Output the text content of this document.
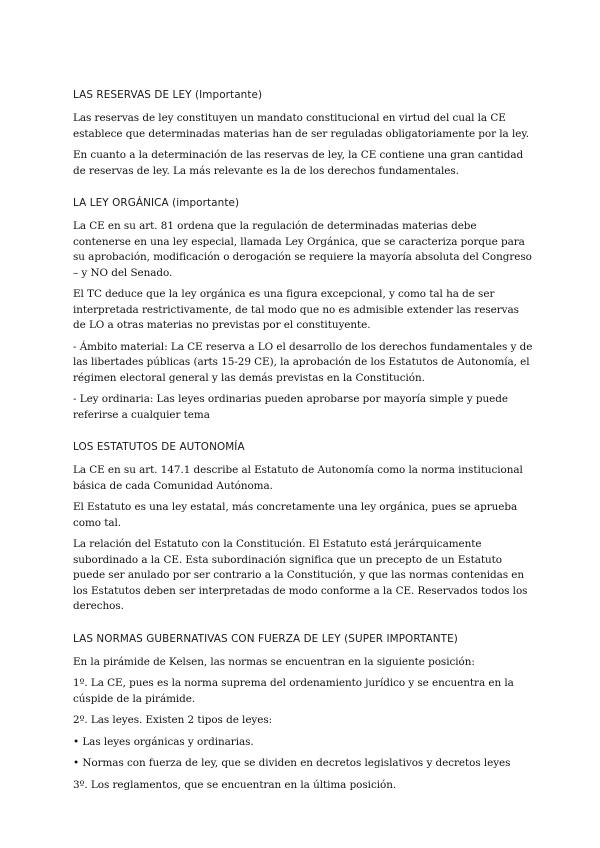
LAS RESERVAS DE LEY (Importante)

Las reservas de ley constituyen un mandato constitucional en virtud del cual la CE establece que determinadas materias han de ser reguladas obligatoriamente por la ley.

En cuanto a la determinación de las reservas de ley, la CE contiene una gran cantidad de reservas de ley. La más relevante es la de los derechos fundamentales.

LA LEY ORGÁNICA (importante)

La CE en su art. 81 ordena que la regulación de determinadas materias debe contenerse en una ley especial, llamada Ley Orgánica, que se caracteriza porque para su aprobación, modificación o derogación se requiere la mayoría absoluta del Congreso – y NO del Senado.

El TC deduce que la ley orgánica es una figura excepcional, y como tal ha de ser interpretada restrictivamente, de tal modo que no es admisible extender las reservas de LO a otras materias no previstas por el constituyente.

- Ámbito material: La CE reserva a LO el desarrollo de los derechos fundamentales y de las libertades públicas (arts 15-29 CE), la aprobación de los Estatutos de Autonomía, el régimen electoral general y las demás previstas en la Constitución.

- Ley ordinaria: Las leyes ordinarias pueden aprobarse por mayoría simple y puede referirse a cualquier tema

LOS ESTATUTOS DE AUTONOMÍA

La CE en su art. 147.1 describe al Estatuto de Autonomía como la norma institucional básica de cada Comunidad Autónoma.

El Estatuto es una ley estatal, más concretamente una ley orgánica, pues se aprueba como tal.

La relación del Estatuto con la Constitución. El Estatuto está jerárquicamente subordinado a la CE. Esta subordinación significa que un precepto de un Estatuto puede ser anulado por ser contrario a la Constitución, y que las normas contenidas en los Estatutos deben ser interpretadas de modo conforme a la CE. Reservados todos los derechos.

LAS NORMAS GUBERNATIVAS CON FUERZA DE LEY (SUPER IMPORTANTE)

En la pirámide de Kelsen, las normas se encuentran en la siguiente posición:

1º. La CE, pues es la norma suprema del ordenamiento jurídico y se encuentra en la cúspide de la pirámide.

2º. Las leyes. Existen 2 tipos de leyes:

• Las leyes orgánicas y ordinarias.

• Normas con fuerza de ley, que se dividen en decretos legislativos y decretos leyes

3º. Los reglamentos, que se encuentran en la última posición.
